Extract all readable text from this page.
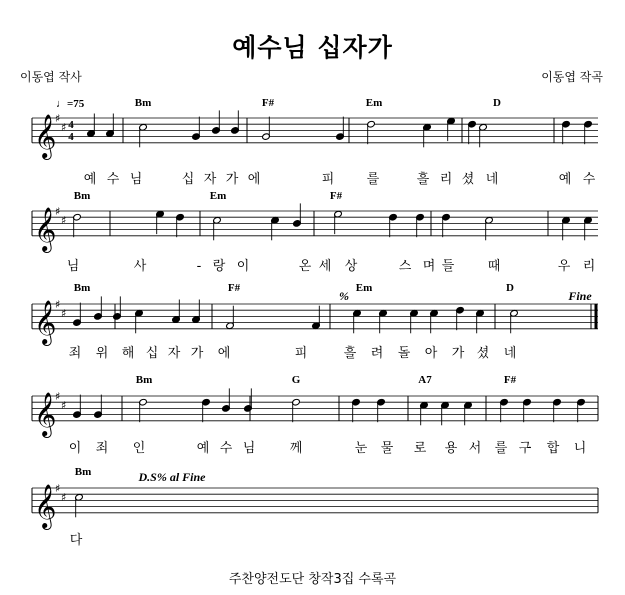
예수님 십자가
이동엽 작사	이동엽 작곡
𝄞
♯
♯
Bm	F#	Em	D
예 수 님	십 자 가 에	피 를	흘 리 셨 네	예 수
𝄞
♯
♯
Bm	Em	F#
님	사	- 랑 이	온 세 상	스 며 들	때	우 리
𝄞
♯
♯
Bm	F#	Em	D
죄 위 해 십 자 가 에	피	흘 려 돌 아 가 셨 네
%	Fine
𝄞
♯
♯
Bm	G	A7	F#
이 죄 인	예 수 님	께	눈 물 로 용 서 를 구 합 니
𝄞
♯
♯
Bm
다
D.S% al Fine
♩=75
4
4
주찬양전도단 창작3집 수록곡
